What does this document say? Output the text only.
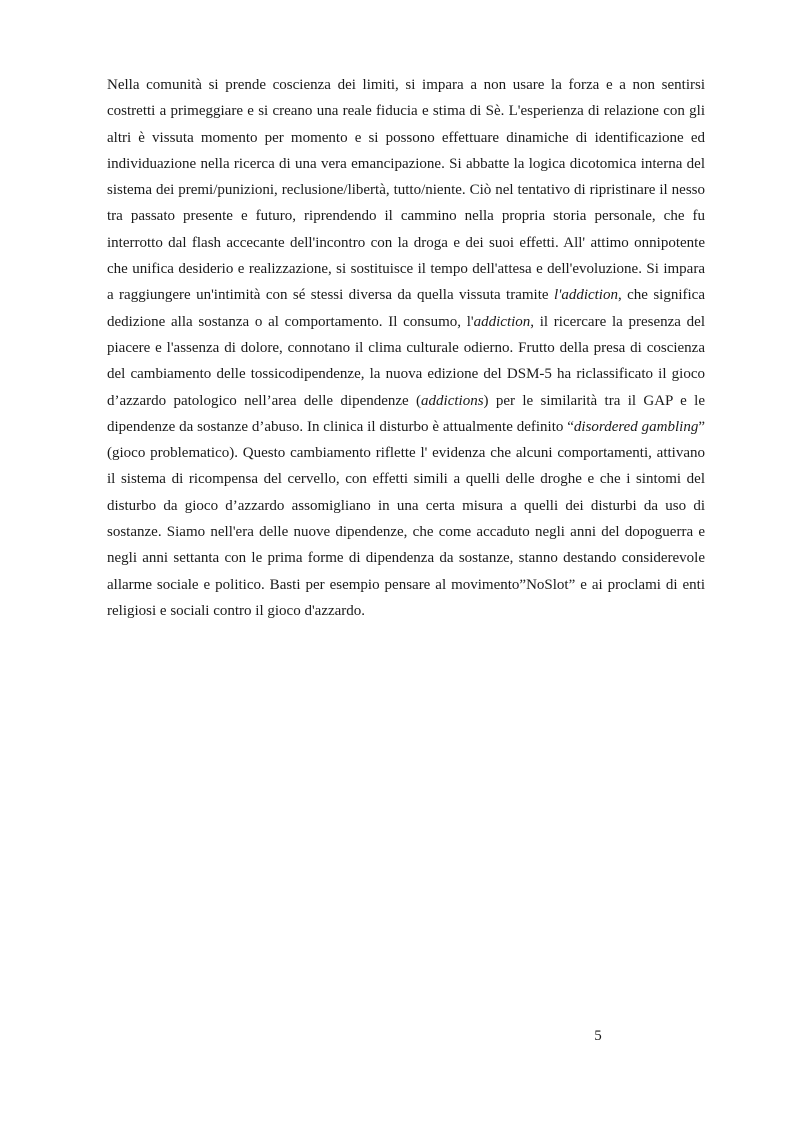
Nella comunità si prende coscienza dei limiti, si impara a non usare la forza e a non sentirsi costretti a primeggiare e si creano una reale fiducia e stima di Sè. L'esperienza di relazione con gli altri è vissuta momento per momento e si possono effettuare dinamiche di identificazione ed individuazione nella ricerca di una vera emancipazione. Si abbatte la logica dicotomica interna del sistema dei premi/punizioni, reclusione/libertà, tutto/niente. Ciò nel tentativo di ripristinare il nesso tra passato presente e futuro, riprendendo il cammino nella propria storia personale, che fu interrotto dal flash accecante dell'incontro con la droga e dei suoi effetti. All' attimo onnipotente che unifica desiderio e realizzazione, si sostituisce il tempo dell'attesa e dell'evoluzione. Si impara a raggiungere un'intimità con sé stessi diversa da quella vissuta tramite l'addiction, che significa dedizione alla sostanza o al comportamento. Il consumo, l'addiction, il ricercare la presenza del piacere e l'assenza di dolore, connotano il clima culturale odierno. Frutto della presa di coscienza del cambiamento delle tossicodipendenze, la nuova edizione del DSM-5 ha riclassificato il gioco d’azzardo patologico nell’area delle dipendenze (addictions) per le similarità tra il GAP e le dipendenze da sostanze d’abuso. In clinica il disturbo è attualmente definito “disordered gambling” (gioco problematico). Questo cambiamento riflette l' evidenza che alcuni comportamenti, attivano il sistema di ricompensa del cervello, con effetti simili a quelli delle droghe e che i sintomi del disturbo da gioco d’azzardo assomigliano in una certa misura a quelli dei disturbi da uso di sostanze. Siamo nell'era delle nuove dipendenze, che come accaduto negli anni del dopoguerra e negli anni settanta con le prima forme di dipendenza da sostanze, stanno destando considerevole allarme sociale e politico. Basti per esempio pensare al movimento”NoSlot” e ai proclami di enti religiosi e sociali contro il gioco d'azzardo.

5
